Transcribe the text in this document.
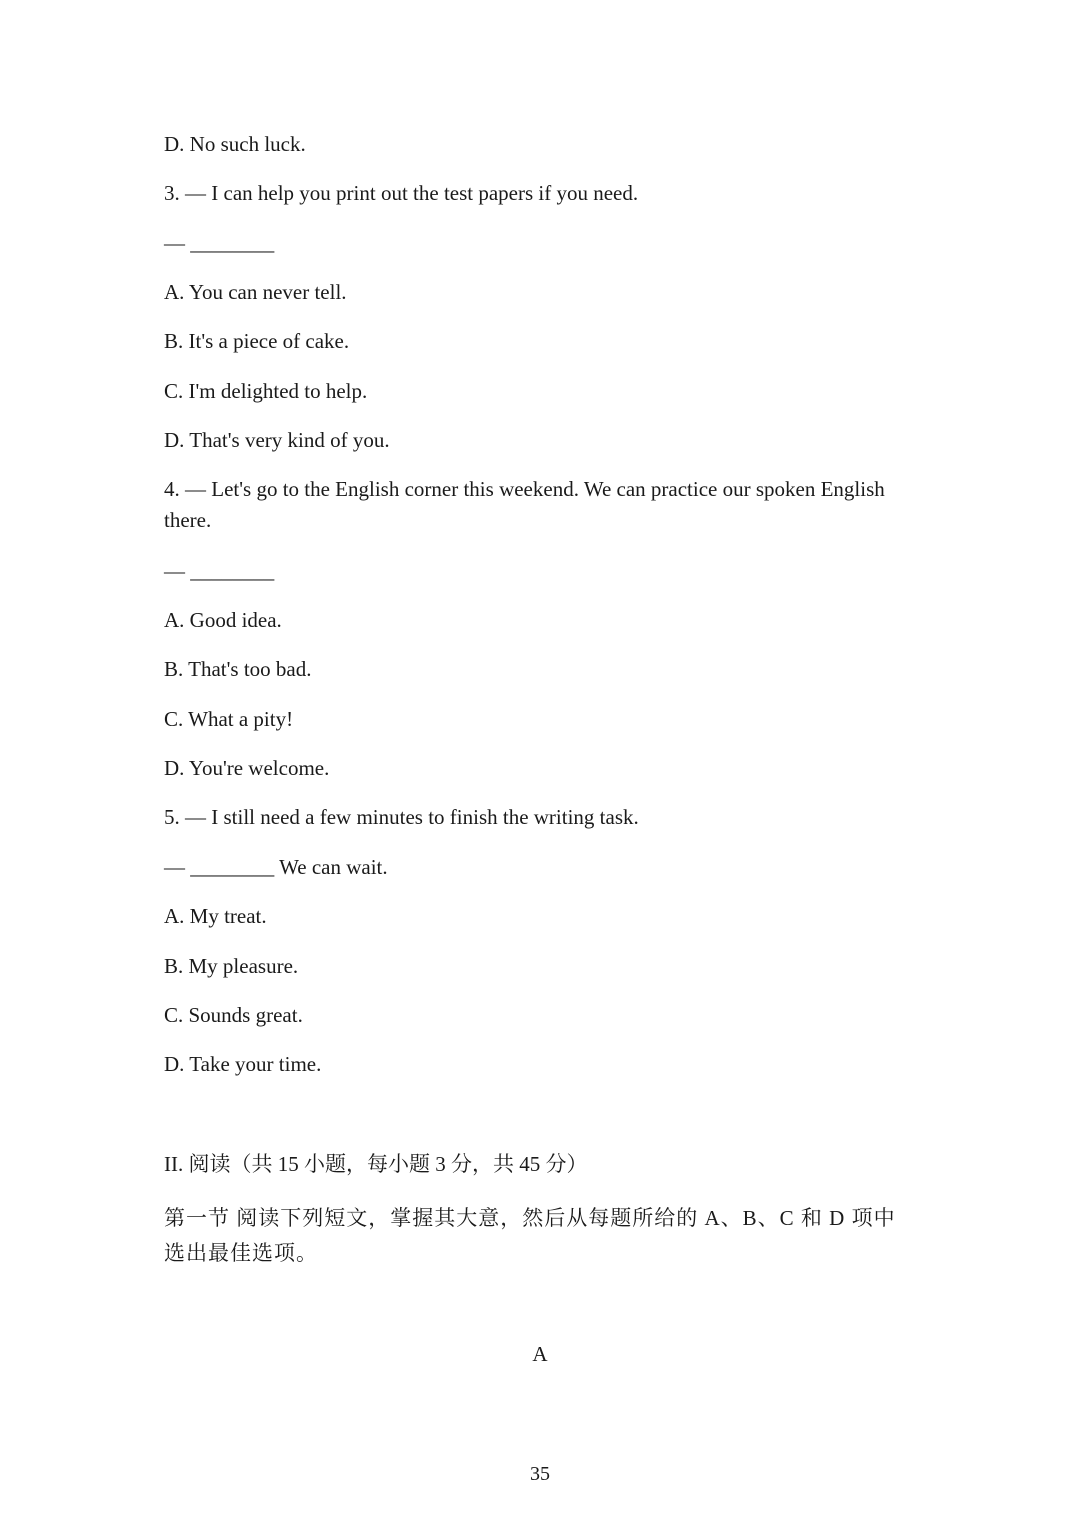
D. No such luck.
3. — I can help you print out the test papers if you need.
— ________
A. You can never tell.
B. It's a piece of cake.
C. I'm delighted to help.
D. That's very kind of you.
4. — Let's go to the English corner this weekend. We can practice our spoken English there.
— ________
A. Good idea.
B. That's too bad.
C. What a pity!
D. You're welcome.
5. — I still need a few minutes to finish the writing task.
— ________ We can wait.
A. My treat.
B. My pleasure.
C. Sounds great.
D. Take your time.
II. 阅读（共 15 小题，每小题 3 分，共 45 分）
第一节 阅读下列短文，掌握其大意，然后从每题所给的 A、B、C 和 D 项中选出最佳选项。
A
35
